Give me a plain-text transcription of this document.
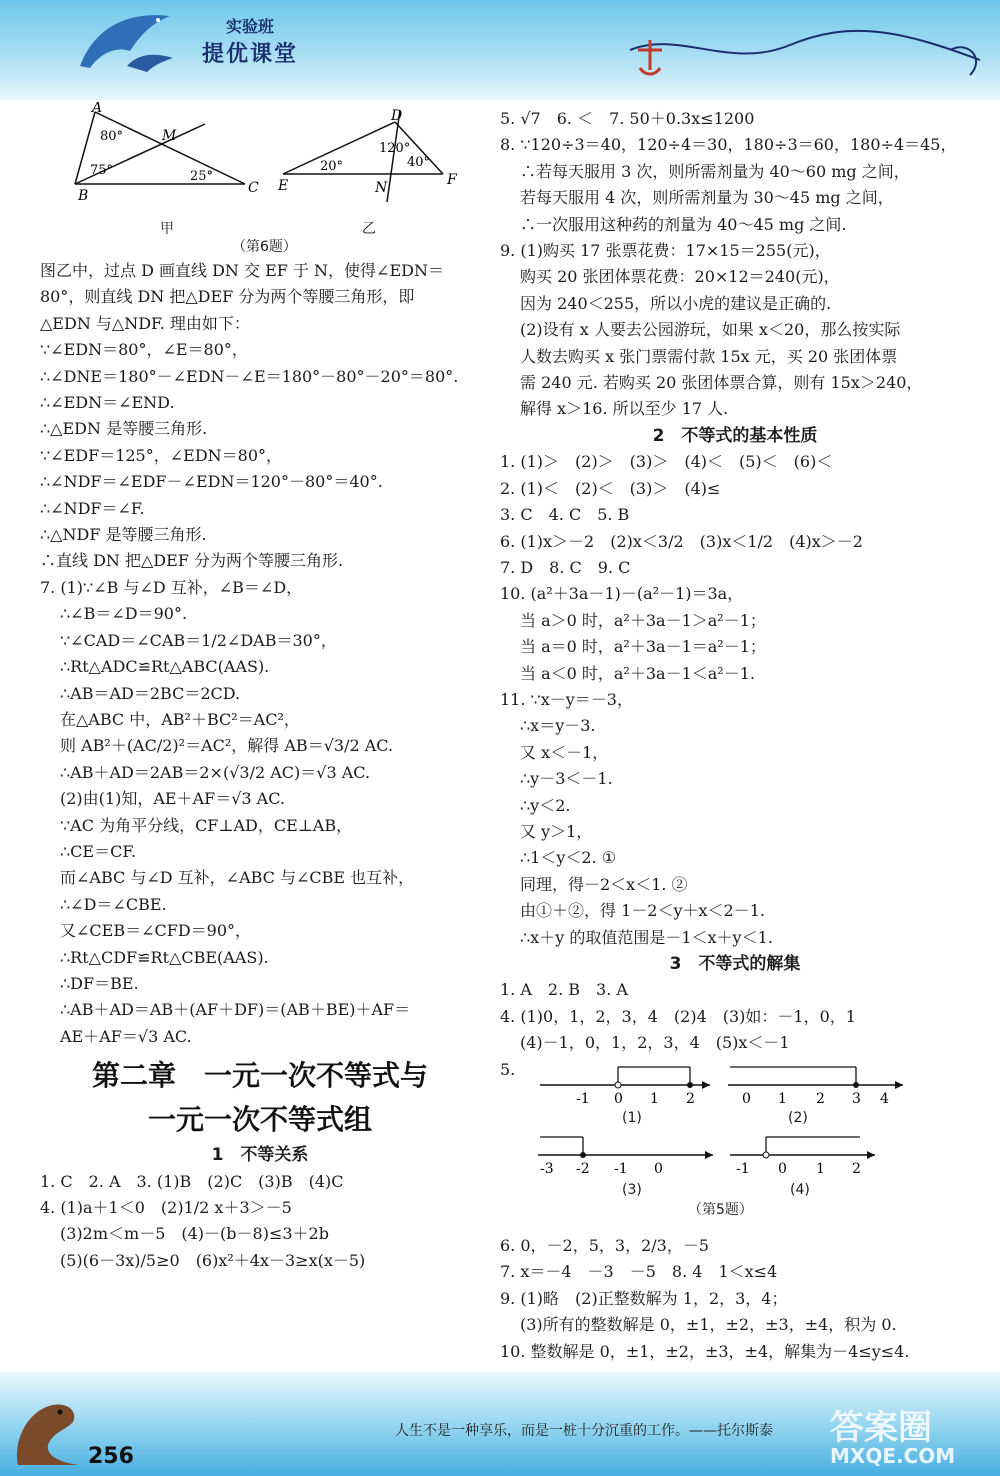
实验班
提优课堂
A
B	C
M
80°
75°	25°
D
E	F
N
20°
120°
40°
甲	乙
（第6题）

图乙中，过点 D 画直线 DN 交 EF 于 N，使得∠EDN＝

80°，则直线 DN 把△DEF 分为两个等腰三角形，即

△EDN 与△NDF. 理由如下：

∵∠EDN＝80°，∠E＝80°，

∴∠DNE＝180°－∠EDN－∠E＝180°－80°－20°＝80°.

∴∠EDN＝∠END.

∴△EDN 是等腰三角形.

∵∠EDF＝125°，∠EDN＝80°，

∴∠NDF＝∠EDF－∠EDN＝120°－80°＝40°.

∴∠NDF＝∠F.

∴△NDF 是等腰三角形.

∴直线 DN 把△DEF 分为两个等腰三角形.

7. (1)∵∠B 与∠D 互补，∠B＝∠D，

∴∠B＝∠D＝90°.

∵∠CAD＝∠CAB＝1/2∠DAB＝30°，

∴Rt△ADC≌Rt△ABC(AAS).

∴AB＝AD＝2BC＝2CD.

在△ABC 中，AB²＋BC²＝AC²，

则 AB²＋(AC/2)²＝AC²，解得 AB＝√3/2 AC.

∴AB＋AD＝2AB＝2×(√3/2 AC)＝√3 AC.

(2)由(1)知，AE＋AF＝√3 AC.

∵AC 为角平分线，CF⊥AD，CE⊥AB，

∴CE＝CF.

而∠ABC 与∠D 互补，∠ABC 与∠CBE 也互补，

∴∠D＝∠CBE.

又∠CEB＝∠CFD＝90°，

∴Rt△CDF≌Rt△CBE(AAS).

∴DF＝BE.

∴AB＋AD＝AB＋(AF＋DF)＝(AB＋BE)＋AF＝

AE＋AF＝√3 AC.

第二章　一元一次不等式与
一元一次不等式组
1　不等关系

1. C　2. A　3. (1)B　(2)C　(3)B　(4)C

4. (1)a＋1＜0　(2)1/2 x＋3＞－5

(3)2m＜m－5　(4)－(b－8)≤3＋2b

(5)(6－3x)/5≥0　(6)x²＋4x－3≥x(x－5)

5. √7　6. ＜　7. 50＋0.3x≤1200

8. ∵120÷3＝40，120÷4＝30，180÷3＝60，180÷4＝45，

∴若每天服用 3 次，则所需剂量为 40～60 mg 之间，

若每天服用 4 次，则所需剂量为 30～45 mg 之间，

∴一次服用这种药的剂量为 40～45 mg 之间.

9. (1)购买 17 张票花费：17×15＝255(元)，

购买 20 张团体票花费：20×12＝240(元)，

因为 240＜255，所以小虎的建议是正确的.

(2)设有 x 人要去公园游玩，如果 x＜20，那么按实际

人数去购买 x 张门票需付款 15x 元，买 20 张团体票

需 240 元. 若购买 20 张团体票合算，则有 15x＞240，

解得 x＞16. 所以至少 17 人.

2　不等式的基本性质

1. (1)＞　(2)＞　(3)＞　(4)＜　(5)＜　(6)＜

2. (1)＜　(2)＜　(3)＞　(4)≤

3. C　4. C　5. B

6. (1)x＞－2　(2)x＜3/2　(3)x＜1/2　(4)x＞－2

7. D　8. C　9. C

10. (a²＋3a－1)－(a²－1)＝3a，

当 a＞0 时，a²＋3a－1＞a²－1；

当 a＝0 时，a²＋3a－1＝a²－1；

当 a＜0 时，a²＋3a－1＜a²－1.

11. ∵x－y＝－3，

∴x＝y－3.

又 x＜－1，

∴y－3＜－1.

∴y＜2.

又 y＞1，

∴1＜y＜2. ①

同理，得－2＜x＜1. ②

由①＋②，得 1－2＜y＋x＜2－1.

∴x＋y 的取值范围是－1＜x＋y＜1.

3　不等式的解集

1. A　2. B　3. A

4. (1)0，1，2，3，4　(2)4　(3)如：－1，0，1

(4)－1，0，1，2，3，4　(5)x＜－1

5.

-1 0 1 2
(1)
0 1 2 3 4
(2)
-3 -2 -1 0
(3)
-1 0 1 2
(4)
（第5题）

6. 0，－2，5，3，2/3，－5

7. x＝－4　－3　－5　8. 4　1＜x≤4

9. (1)略　(2)正整数解为 1，2，3，4；

(3)所有的整数解是 0，±1，±2，±3，±4，积为 0.

10. 整数解是 0，±1，±2，±3，±4，解集为－4≤y≤4.

256
人生不是一种享乐，而是一桩十分沉重的工作。——托尔斯泰 答案圈
MXQE.COM
